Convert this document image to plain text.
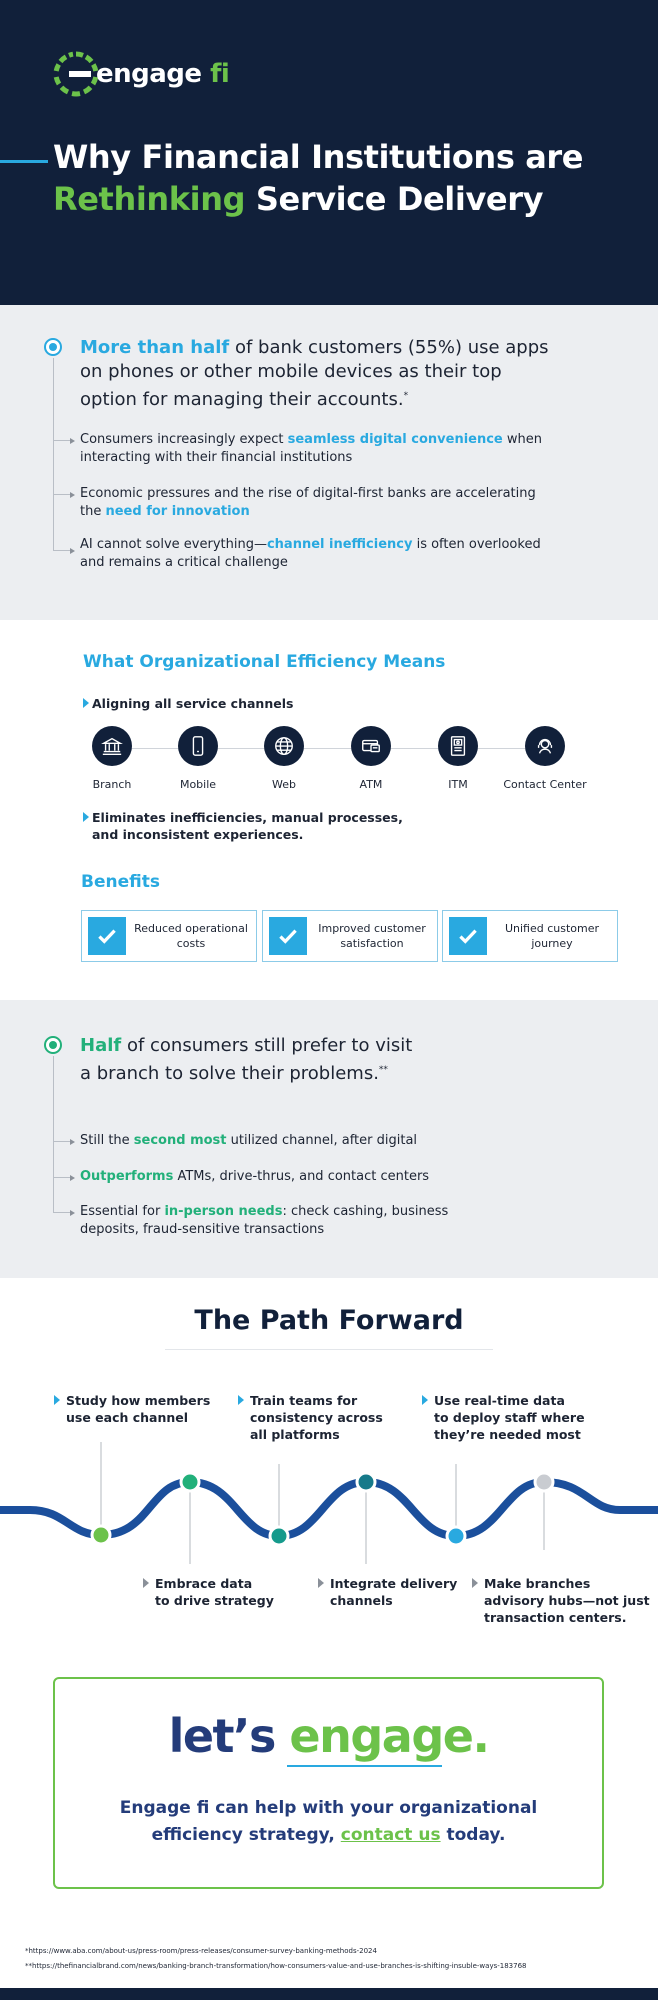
engage fi
Why Financial Institutions are
Rethinking Service Delivery
More than half of bank customers (55%) use apps
on phones or other mobile devices as their top
option for managing their accounts.*
Consumers increasingly expect seamless digital convenience when
interacting with their financial institutions
Economic pressures and the rise of digital-first banks are accelerating
the need for innovation
AI cannot solve everything—channel inefficiency is often overlooked
and remains a critical challenge
What Organizational Efficiency Means
Aligning all service channels
Branch	Mobile	Web	ATM	ITM	Contact Center
Eliminates inefficiencies, manual processes,
and inconsistent experiences.
Benefits
Reduced operational
costs
Improved customer
satisfaction
Unified customer
journey
Half of consumers still prefer to visit
a branch to solve their problems.**
Still the second most utilized channel, after digital
Outperforms ATMs, drive-thrus, and contact centers
Essential for in-person needs: check cashing, business
deposits, fraud-sensitive transactions
The Path Forward
Study how members
use each channel
Train teams for
consistency across
all platforms
Use real-time data
to deploy staff where
they’re needed most
Embrace data
to drive strategy
Integrate delivery
channels
Make branches
advisory hubs—not just
transaction centers.
let’s engage.
Engage fi can help with your organizational
efficiency strategy, contact us today.
*https://www.aba.com/about-us/press-room/press-releases/consumer-survey-banking-methods-2024
**https://thefinancialbrand.com/news/banking-branch-transformation/how-consumers-value-and-use-branches-is-shifting-insuble-ways-183768
